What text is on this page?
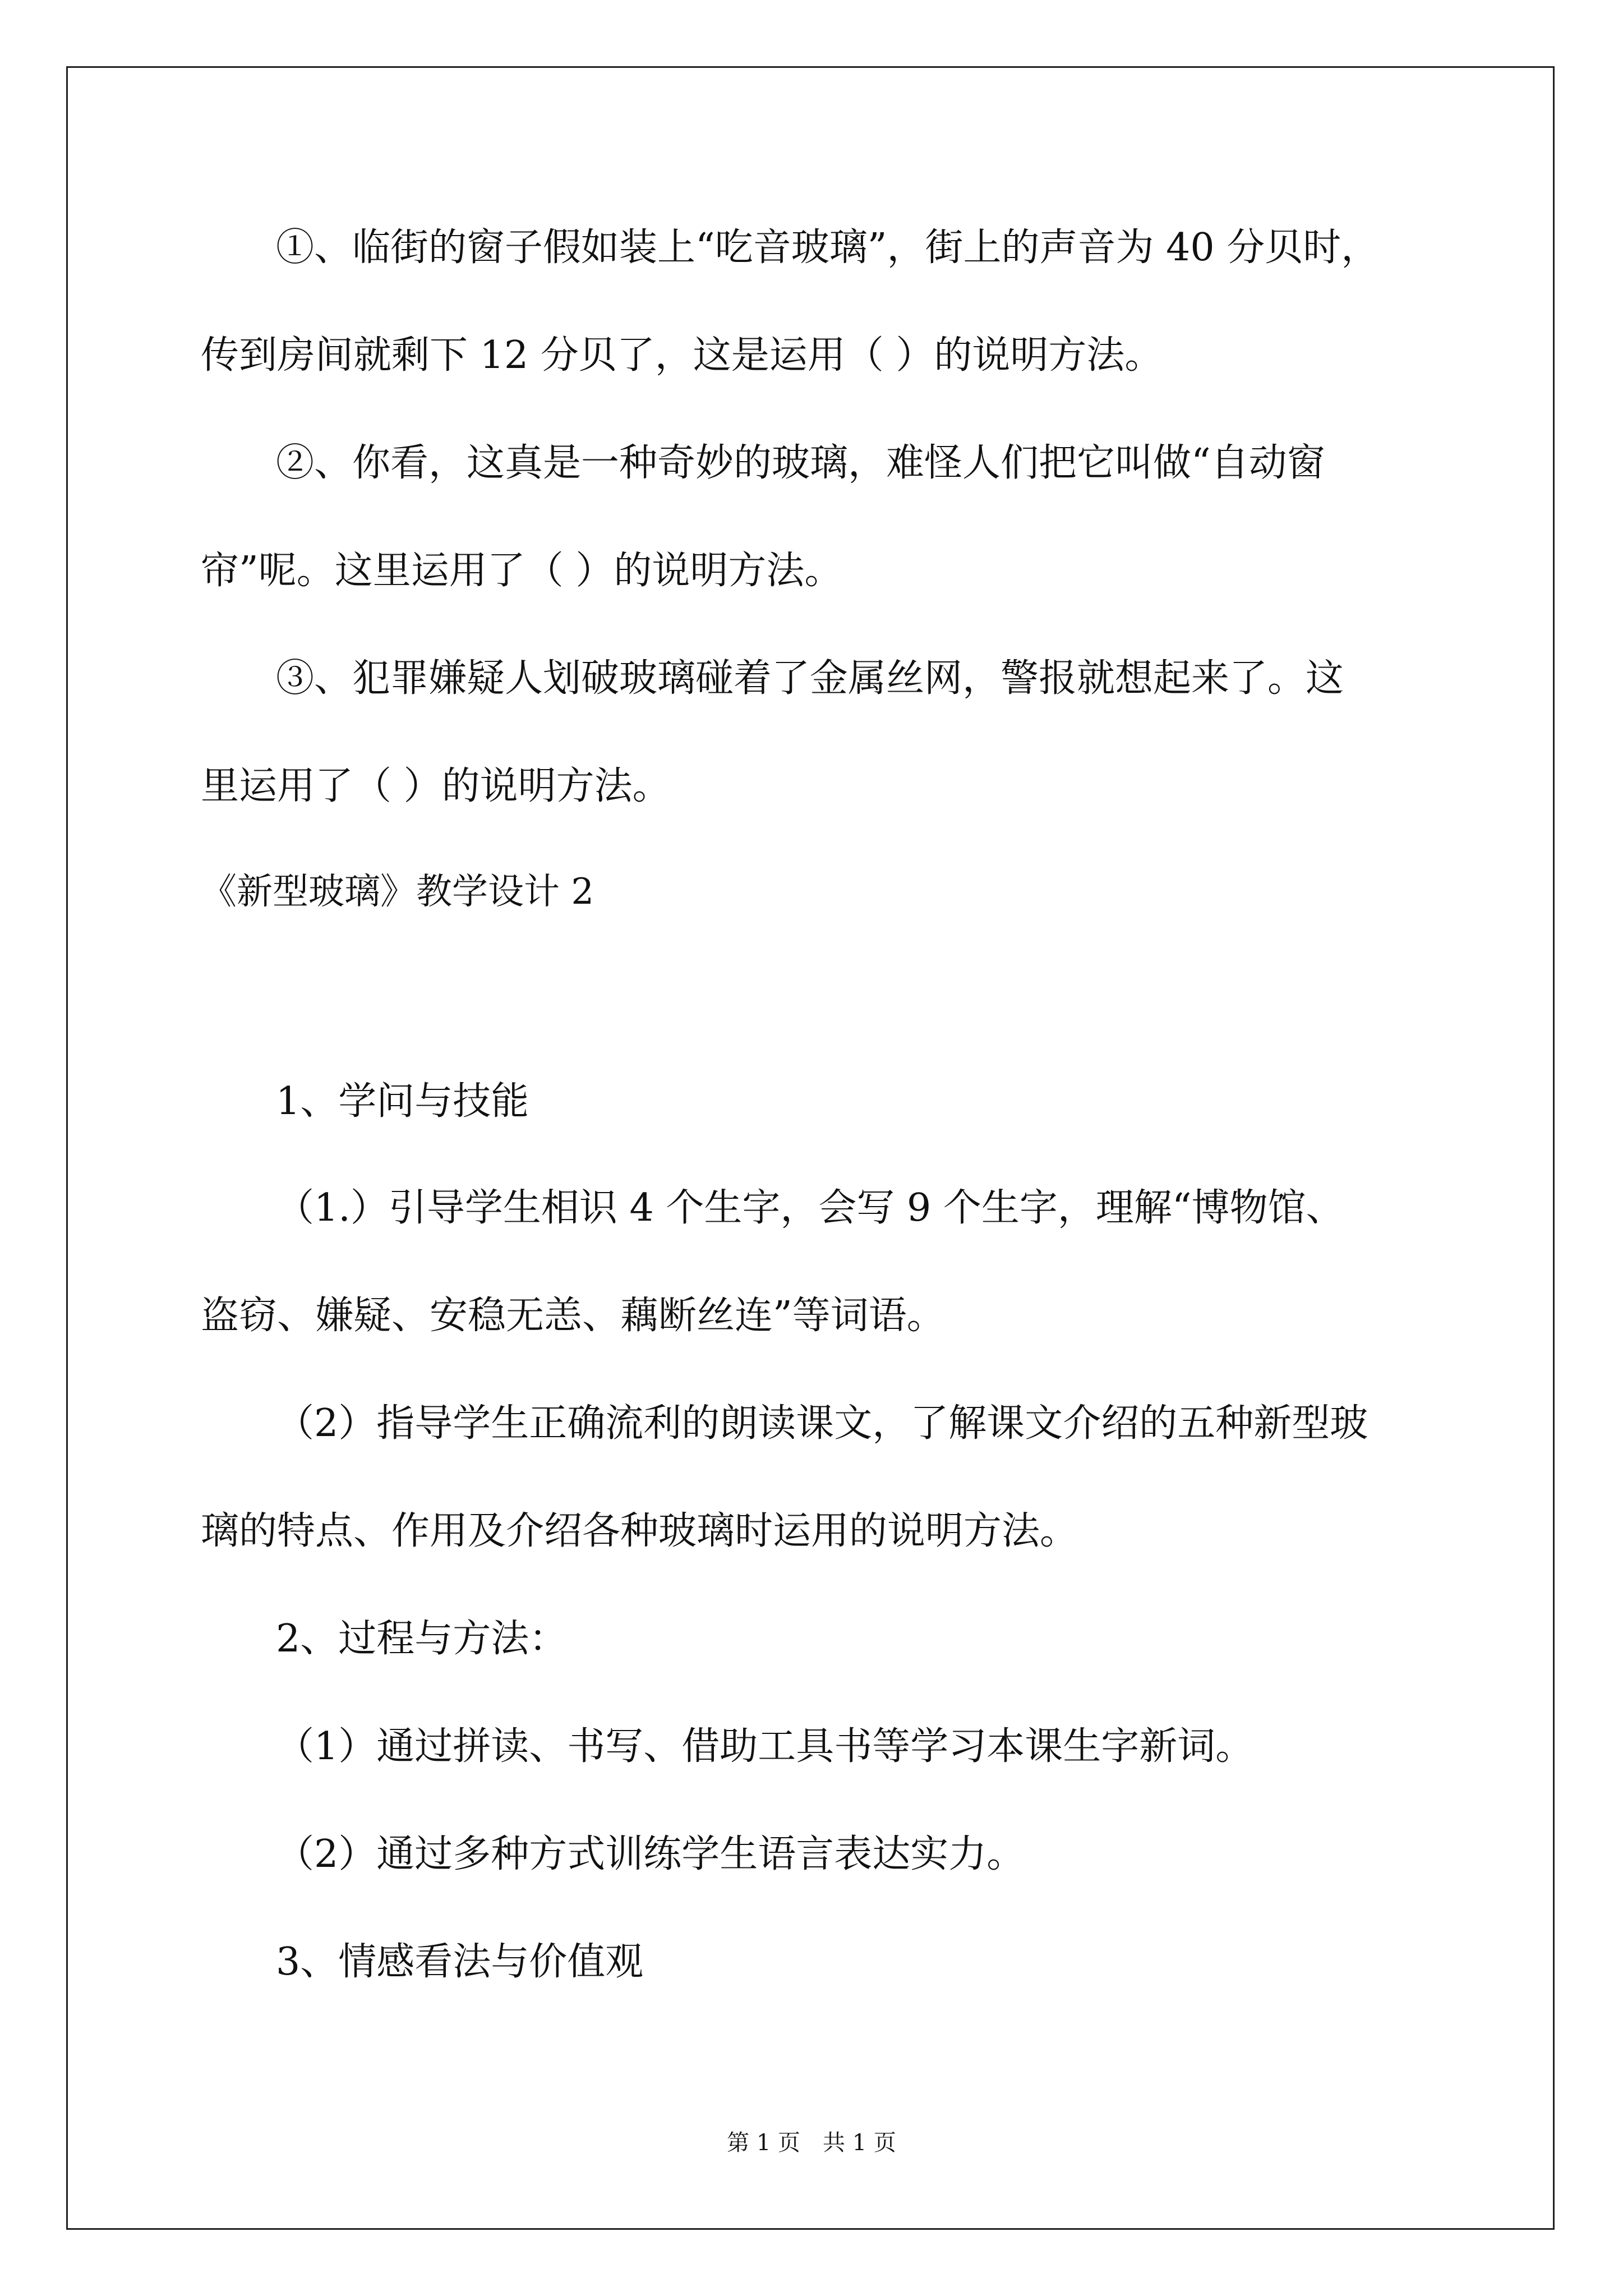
①、临街的窗子假如装上“吃音玻璃”，街上的声音为 40 分贝时，

传到房间就剩下 12 分贝了，这是运用（ ）的说明方法。

②、你看，这真是一种奇妙的玻璃，难怪人们把它叫做“自动窗

帘”呢。这里运用了（ ）的说明方法。

③、犯罪嫌疑人划破玻璃碰着了金属丝网，警报就想起来了。这

里运用了（ ）的说明方法。

《新型玻璃》教学设计 2

1、学问与技能

（1.）引导学生相识 4 个生字，会写 9 个生字，理解“博物馆、

盗窃、嫌疑、安稳无恙、藕断丝连”等词语。

（2）指导学生正确流利的朗读课文，了解课文介绍的五种新型玻

璃的特点、作用及介绍各种玻璃时运用的说明方法。

2、过程与方法：

（1）通过拼读、书写、借助工具书等学习本课生字新词。

（2）通过多种方式训练学生语言表达实力。

3、情感看法与价值观

第 1 页　共 1 页
